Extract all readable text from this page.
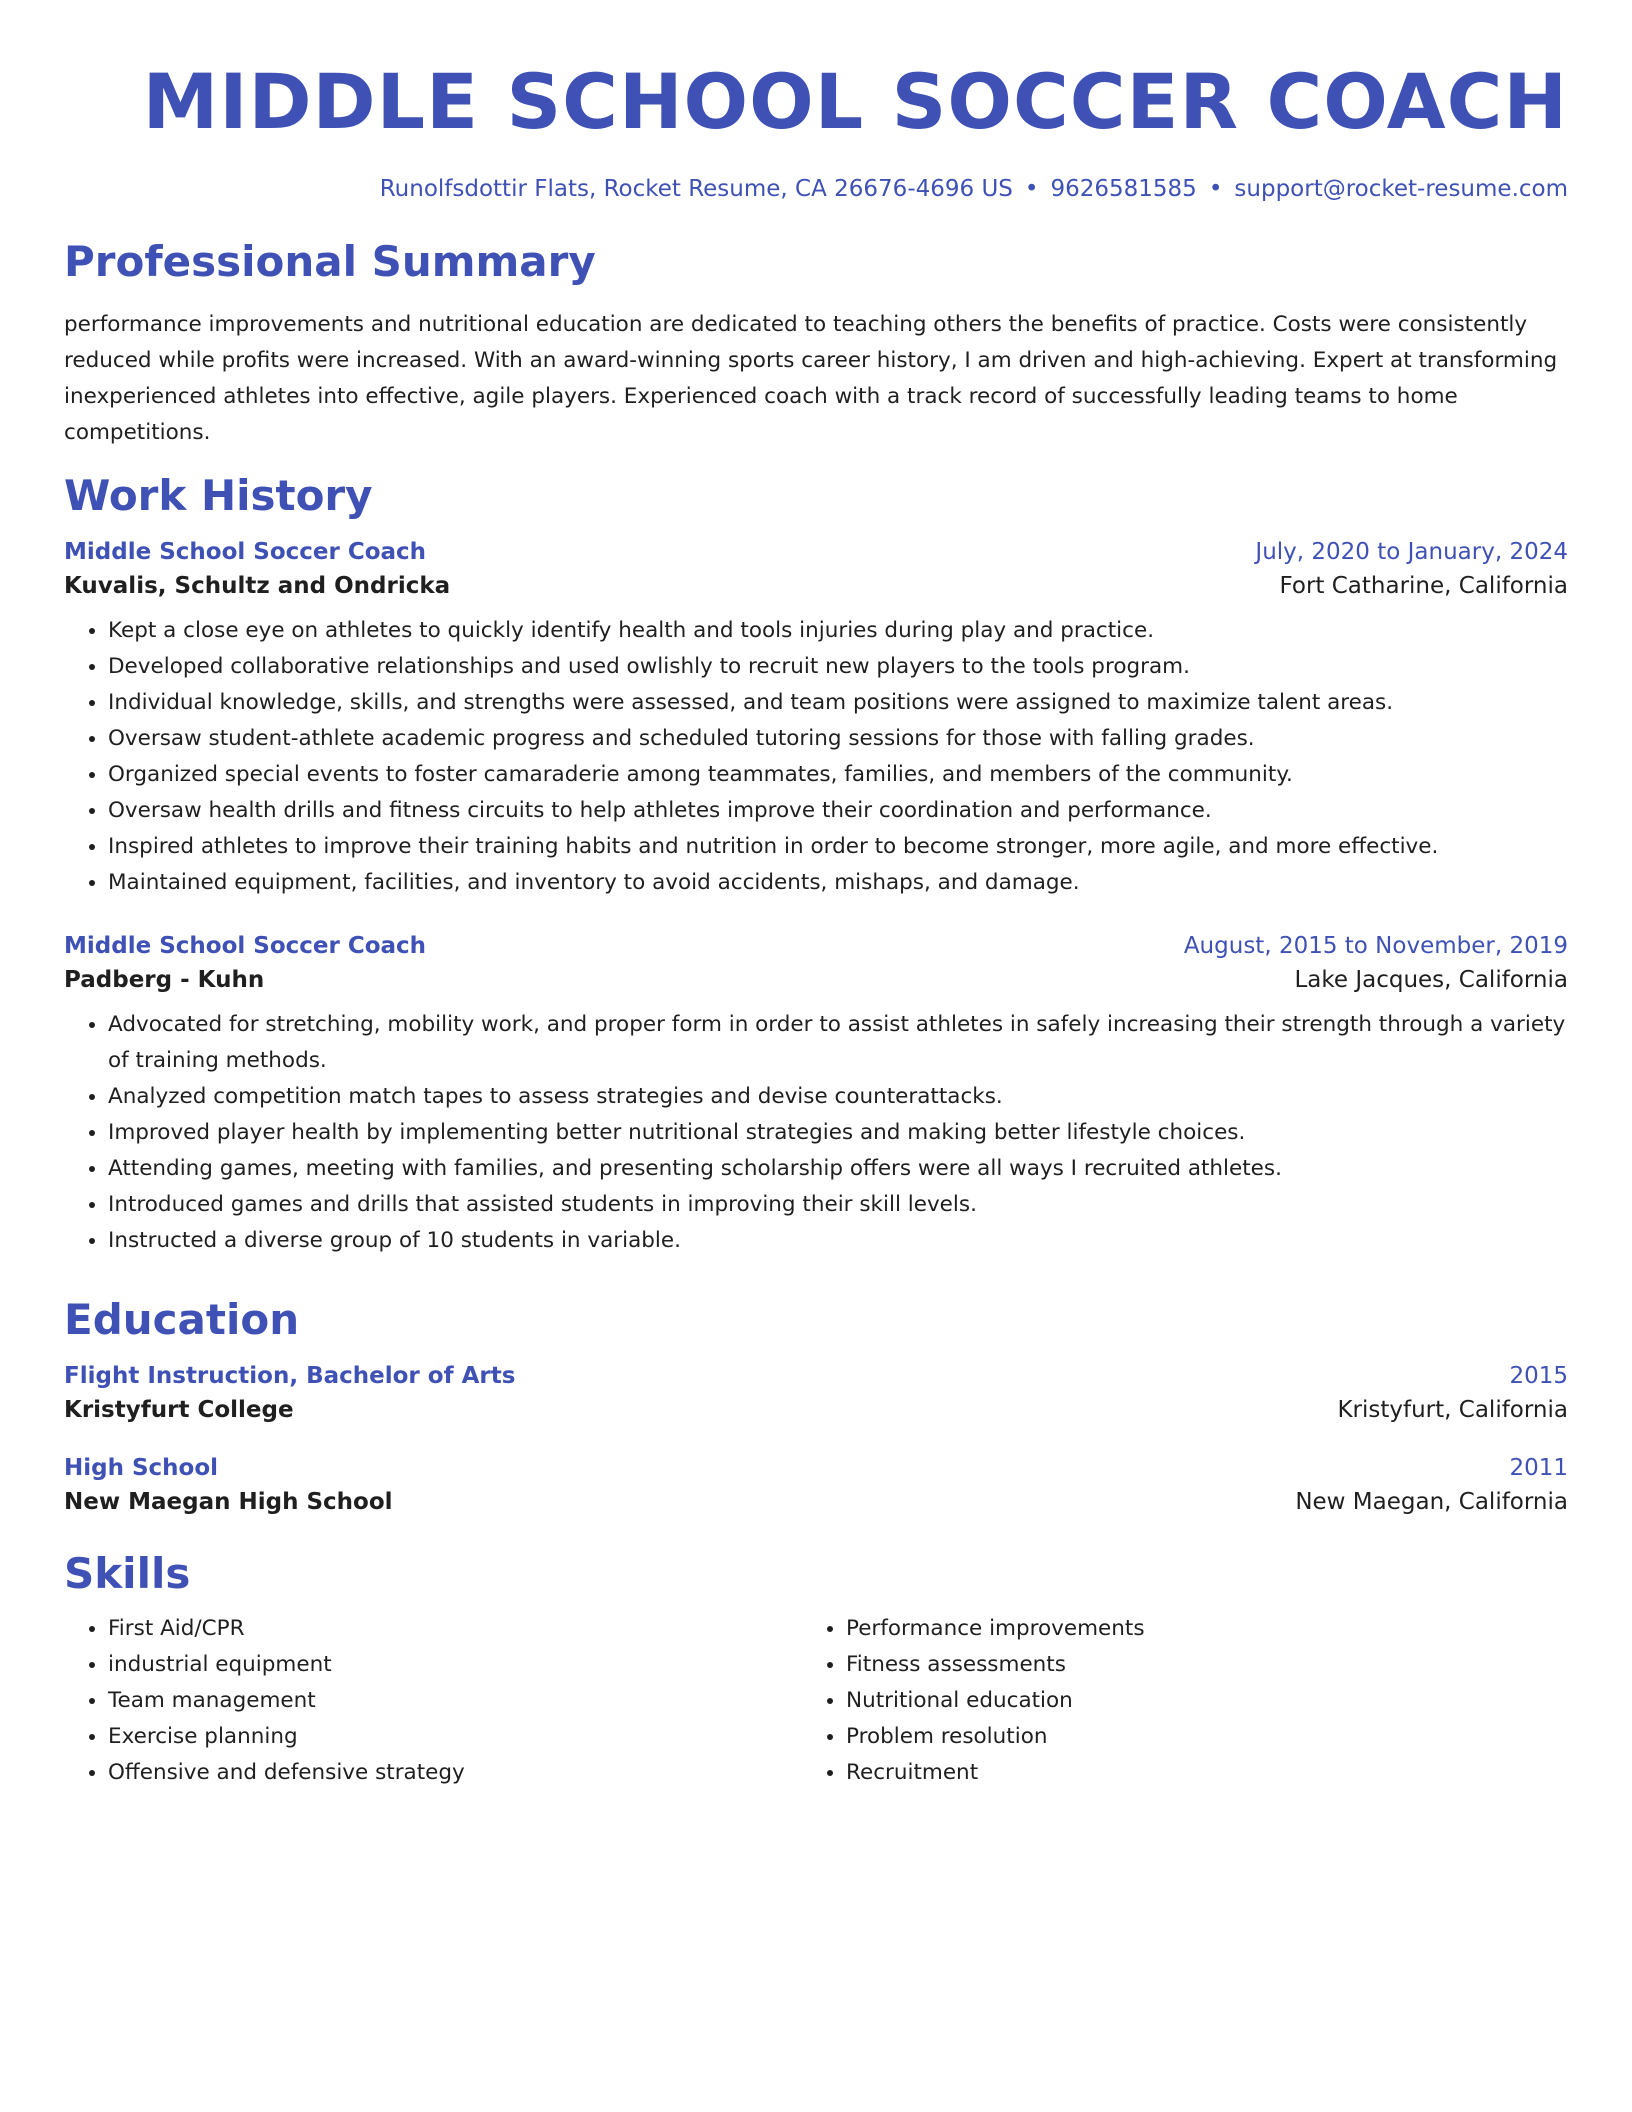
MIDDLE SCHOOL SOCCER COACH
Runolfsdottir Flats, Rocket Resume, CA 26676-4696 US • 9626581585 • support@rocket-resume.com
Professional Summary

performance improvements and nutritional education are dedicated to teaching others the benefits of practice. Costs were consistently reduced while profits were increased. With an award-winning sports career history, I am driven and high-achieving. Expert at transforming inexperienced athletes into effective, agile players. Experienced coach with a track record of successfully leading teams to home competitions.

Work History
Middle School Soccer Coach	July, 2020 to January, 2024
Kuvalis, Schultz and Ondricka	Fort Catharine, California
• Kept a close eye on athletes to quickly identify health and tools injuries during play and practice.
• Developed collaborative relationships and used owlishly to recruit new players to the tools program.
• Individual knowledge, skills, and strengths were assessed, and team positions were assigned to maximize talent areas.
• Oversaw student-athlete academic progress and scheduled tutoring sessions for those with falling grades.
• Organized special events to foster camaraderie among teammates, families, and members of the community.
• Oversaw health drills and fitness circuits to help athletes improve their coordination and performance.
• Inspired athletes to improve their training habits and nutrition in order to become stronger, more agile, and more effective.
• Maintained equipment, facilities, and inventory to avoid accidents, mishaps, and damage.
Middle School Soccer Coach	August, 2015 to November, 2019
Padberg - Kuhn	Lake Jacques, California
• Advocated for stretching, mobility work, and proper form in order to assist athletes in safely increasing their strength through a variety of training methods.
• Analyzed competition match tapes to assess strategies and devise counterattacks.
• Improved player health by implementing better nutritional strategies and making better lifestyle choices.
• Attending games, meeting with families, and presenting scholarship offers were all ways I recruited athletes.
• Introduced games and drills that assisted students in improving their skill levels.
• Instructed a diverse group of 10 students in variable.
Education
Flight Instruction, Bachelor of Arts	2015
Kristyfurt College	Kristyfurt, California
High School	2011
New Maegan High School	New Maegan, California
Skills
• First Aid/CPR
• industrial equipment
• Team management
• Exercise planning
• Offensive and defensive strategy
• Performance improvements
• Fitness assessments
• Nutritional education
• Problem resolution
• Recruitment
